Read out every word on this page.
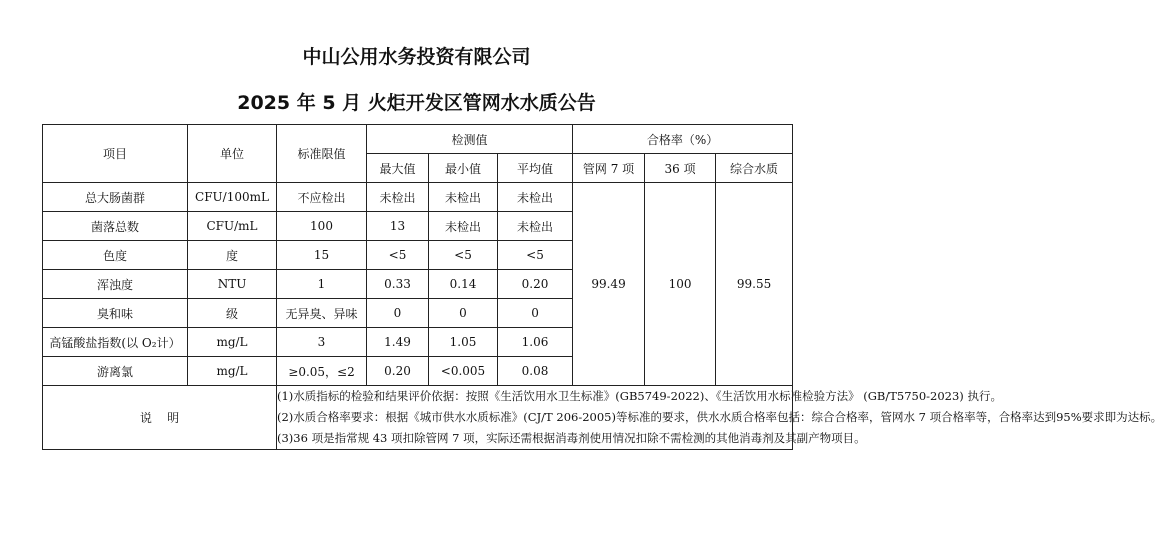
中山公用水务投资有限公司
2025 年 5 月 火炬开发区管网水水质公告
项目	单位	标准限值	检测值			合格率（%）		
			最大值	最小值	平均值	管网 7 项	36 项	综合水质
总大肠菌群	CFU/100mL	不应检出	未检出	未检出	未检出	99.49	100	99.55
菌落总数	CFU/mL	100	13	未检出	未检出			
色度	度	15	<5	<5	<5			
浑浊度	NTU	1	0.33	0.14	0.20			
臭和味	级	无异臭、异味	0	0	0			
高锰酸盐指数(以 O₂计）	mg/L	3	1.49	1.05	1.06			
游离氯	mg/L	≥0.05，≤2	0.20	<0.005	0.08			
说    明		(1)水质指标的检验和结果评价依据：按照《生活饮用水卫生标准》(GB5749-2022)、《生活饮用水标准检验方法》 (GB/T5750-2023) 执行。
(2)水质合格率要求：根据《城市供水水质标准》(CJ/T 206-2005)等标准的要求，供水水质合格率包括：综合合格率，管网水 7 项合格率等，合格率达到95%要求即为达标。
(3)36 项是指常规 43 项扣除管网 7 项，实际还需根据消毒剂使用情况扣除不需检测的其他消毒剂及其副产物项目。						
